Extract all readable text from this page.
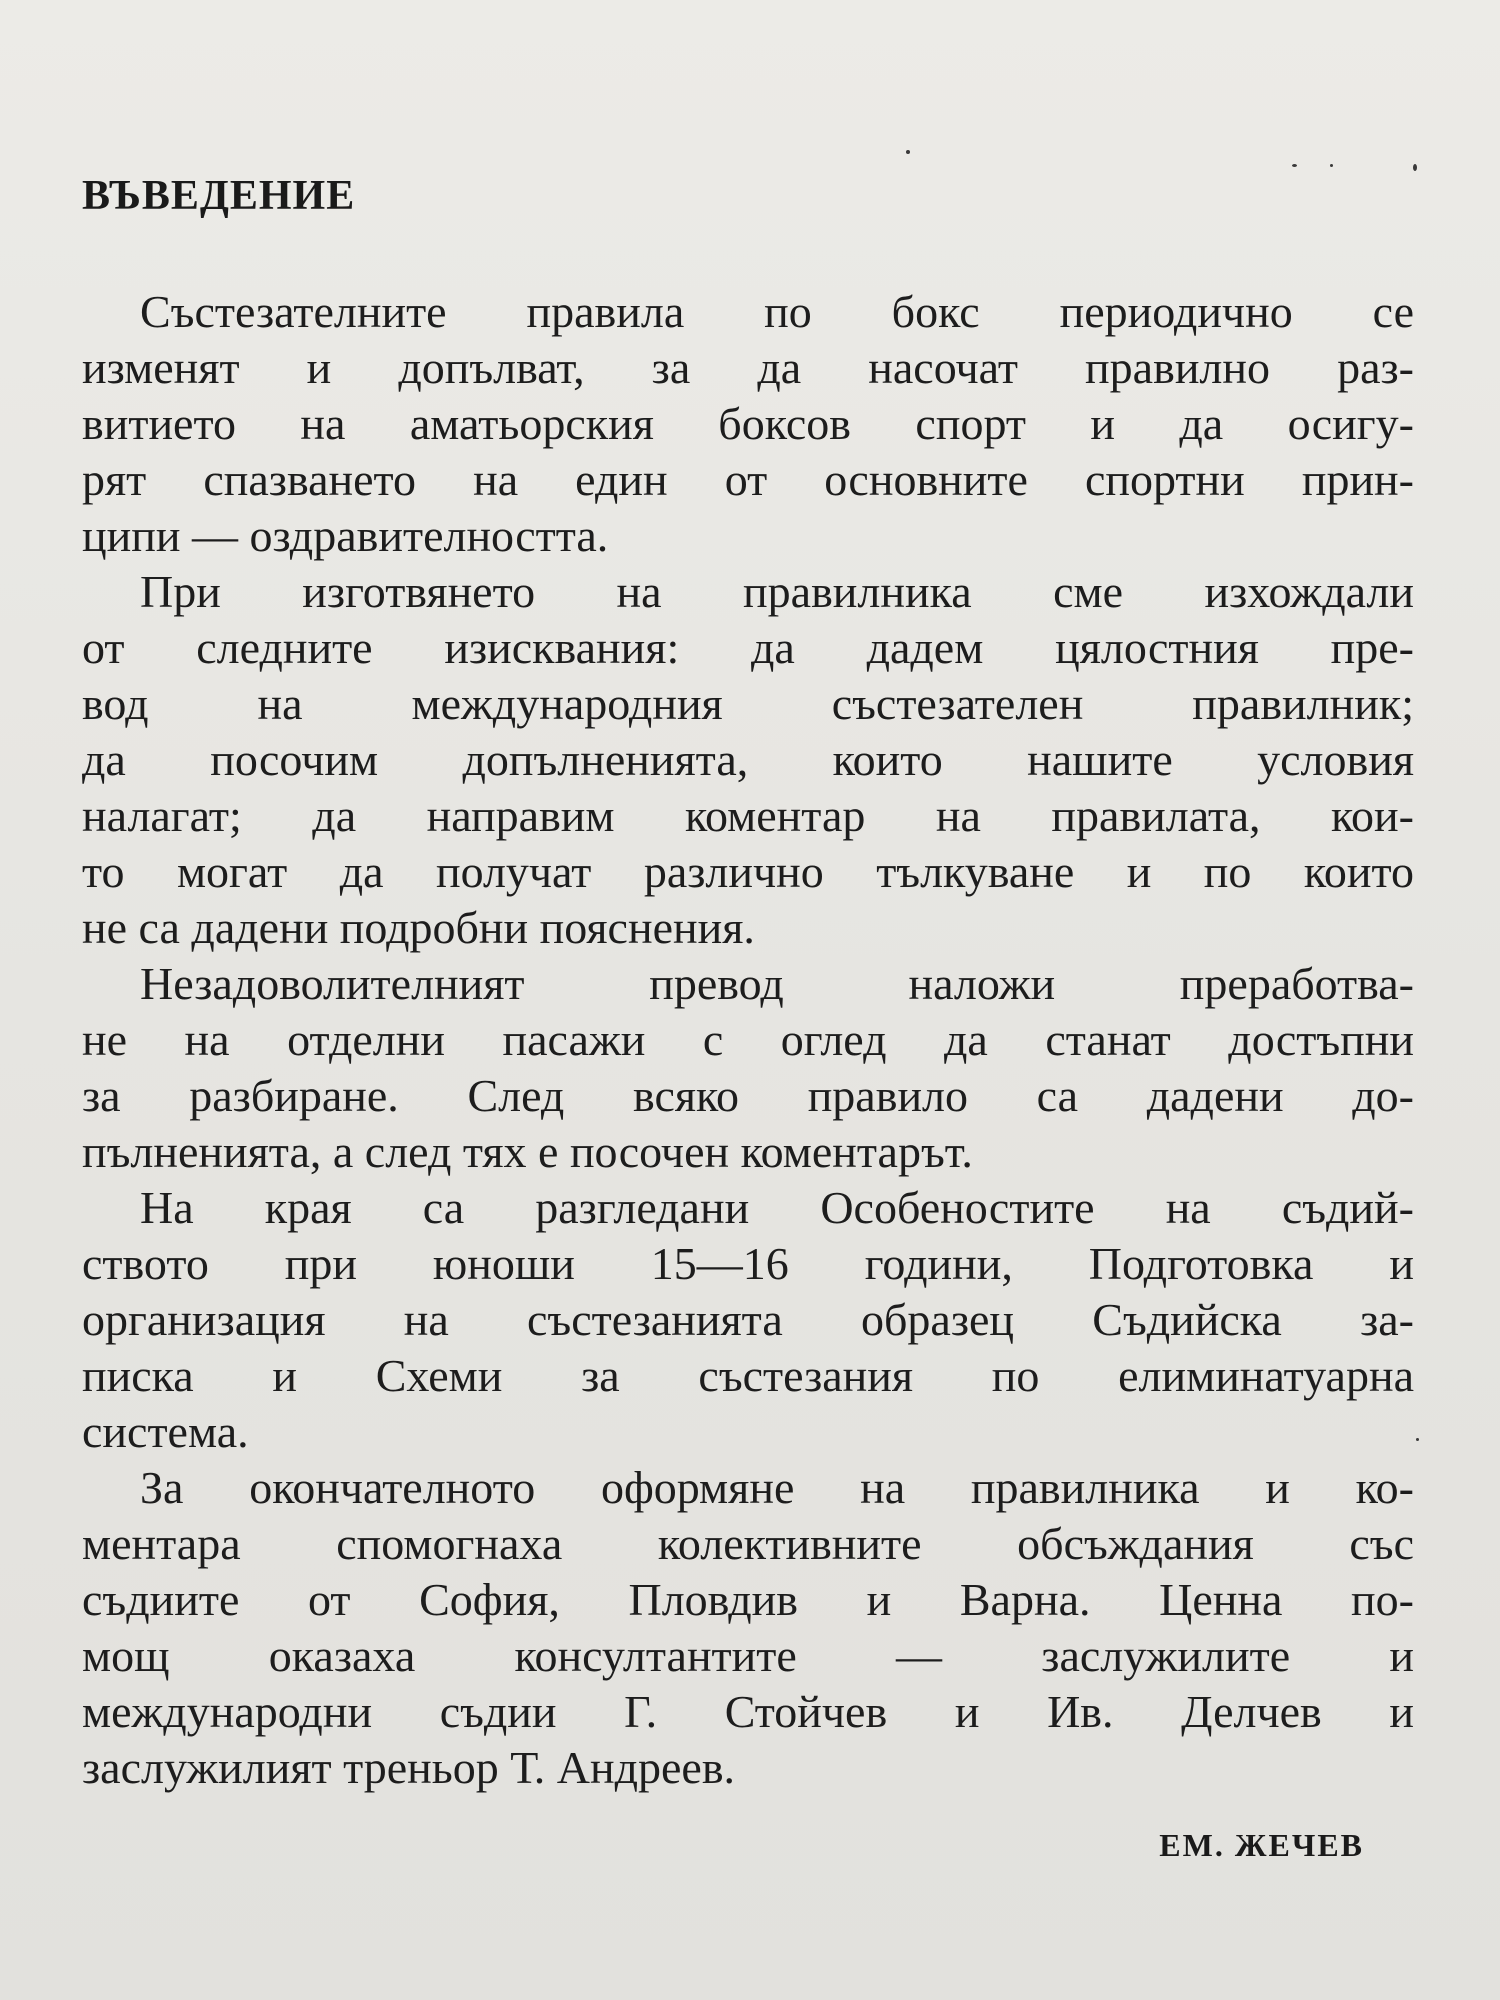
ВЪВЕДЕНИЕ

Състезателните правила по бокс периодично се
изменят и допълват, за да насочат правилно раз-
витието на аматьорския боксов спорт и да осигу-
рят спазването на един от основните спортни прин-
ципи — оздравителността.

При изготвянето на правилника сме изхождали
от следните изисквания: да дадем цялостния пре-
вод на международния състезателен правилник;
да посочим допълненията, които нашите условия
налагат; да направим коментар на правилата, кои-
то могат да получат различно тълкуване и по които
не са дадени подробни пояснения.

Незадоволителният превод наложи преработва-
не на отделни пасажи с оглед да станат достъпни
за разбиране. След всяко правило са дадени до-
пълненията, а след тях е посочен коментарът.

На края са разгледани Особеностите на съдий-
ството при юноши 15—16 години, Подготовка и
организация на състезанията образец Съдийска за-
писка и Схеми за състезания по елиминатуарна
система.

За окончателното оформяне на правилника и ко-
ментара спомогнаха колективните обсъждания със
съдиите от София, Пловдив и Варна. Ценна по-
мощ оказаха консултантите — заслужилите и
международни съдии Г. Стойчев и Ив. Делчев и
заслужилият треньор Т. Андреев.

ЕМ. ЖЕЧЕВ
